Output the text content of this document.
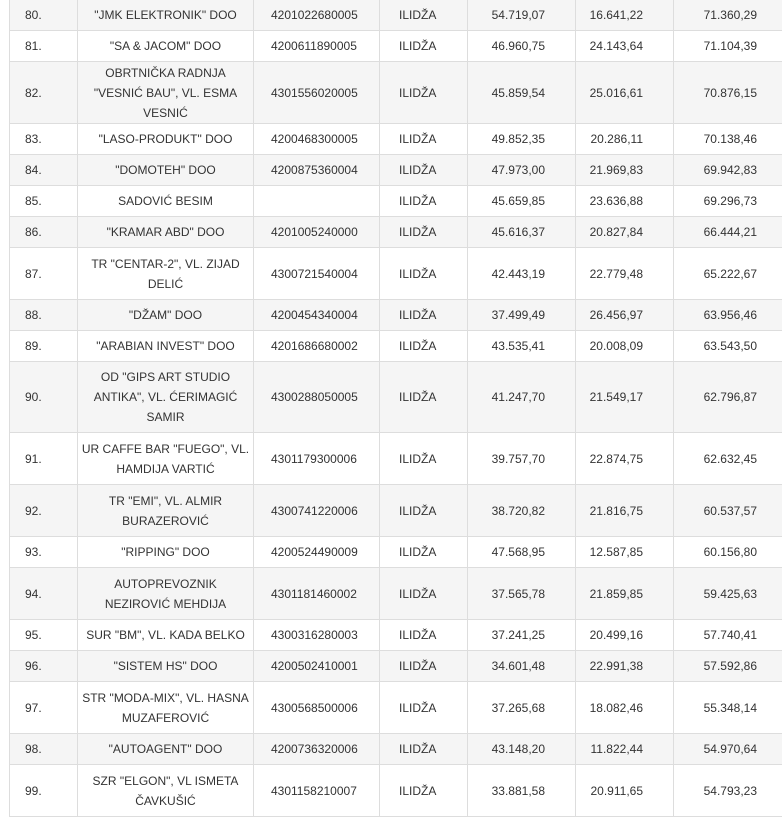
80.	"JMK ELEKTRONIK" DOO	4201022680005	ILIDŽA	54.719,07	16.641,22	71.360,29
81.	"SA & JACOM" DOO	4200611890005	ILIDŽA	46.960,75	24.143,64	71.104,39
82.	OBRTNIČKA RADNJA "VESNIĆ BAU", VL. ESMA VESNIĆ	4301556020005	ILIDŽA	45.859,54	25.016,61	70.876,15
83.	"LASO-PRODUKT" DOO	4200468300005	ILIDŽA	49.852,35	20.286,11	70.138,46
84.	"DOMOTEH" DOO	4200875360004	ILIDŽA	47.973,00	21.969,83	69.942,83
85.	SADOVIĆ BESIM		ILIDŽA	45.659,85	23.636,88	69.296,73
86.	"KRAMAR ABD" DOO	4201005240000	ILIDŽA	45.616,37	20.827,84	66.444,21
87.	TR "CENTAR-2", VL. ZIJAD DELIĆ	4300721540004	ILIDŽA	42.443,19	22.779,48	65.222,67
88.	"DŽAM" DOO	4200454340004	ILIDŽA	37.499,49	26.456,97	63.956,46
89.	"ARABIAN INVEST" DOO	4201686680002	ILIDŽA	43.535,41	20.008,09	63.543,50
90.	OD "GIPS ART STUDIO ANTIKA", VL. ĆERIMAGIĆ SAMIR	4300288050005	ILIDŽA	41.247,70	21.549,17	62.796,87
91.	UR CAFFE BAR "FUEGO", VL. HAMDIJA VARTIĆ	4301179300006	ILIDŽA	39.757,70	22.874,75	62.632,45
92.	TR "EMI", VL. ALMIR BURAZEROVIĆ	4300741220006	ILIDŽA	38.720,82	21.816,75	60.537,57
93.	"RIPPING" DOO	4200524490009	ILIDŽA	47.568,95	12.587,85	60.156,80
94.	AUTOPREVOZNIK NEZIROVIĆ MEHDIJA	4301181460002	ILIDŽA	37.565,78	21.859,85	59.425,63
95.	SUR "BM", VL. KADA BELKO	4300316280003	ILIDŽA	37.241,25	20.499,16	57.740,41
96.	"SISTEM HS" DOO	4200502410001	ILIDŽA	34.601,48	22.991,38	57.592,86
97.	STR "MODA-MIX", VL. HASNA MUZAFEROVIĆ	4300568500006	ILIDŽA	37.265,68	18.082,46	55.348,14
98.	"AUTOAGENT" DOO	4200736320006	ILIDŽA	43.148,20	11.822,44	54.970,64
99.	SZR "ELGON", VL ISMETA ČAVKUŠIĆ	4301158210007	ILIDŽA	33.881,58	20.911,65	54.793,23
